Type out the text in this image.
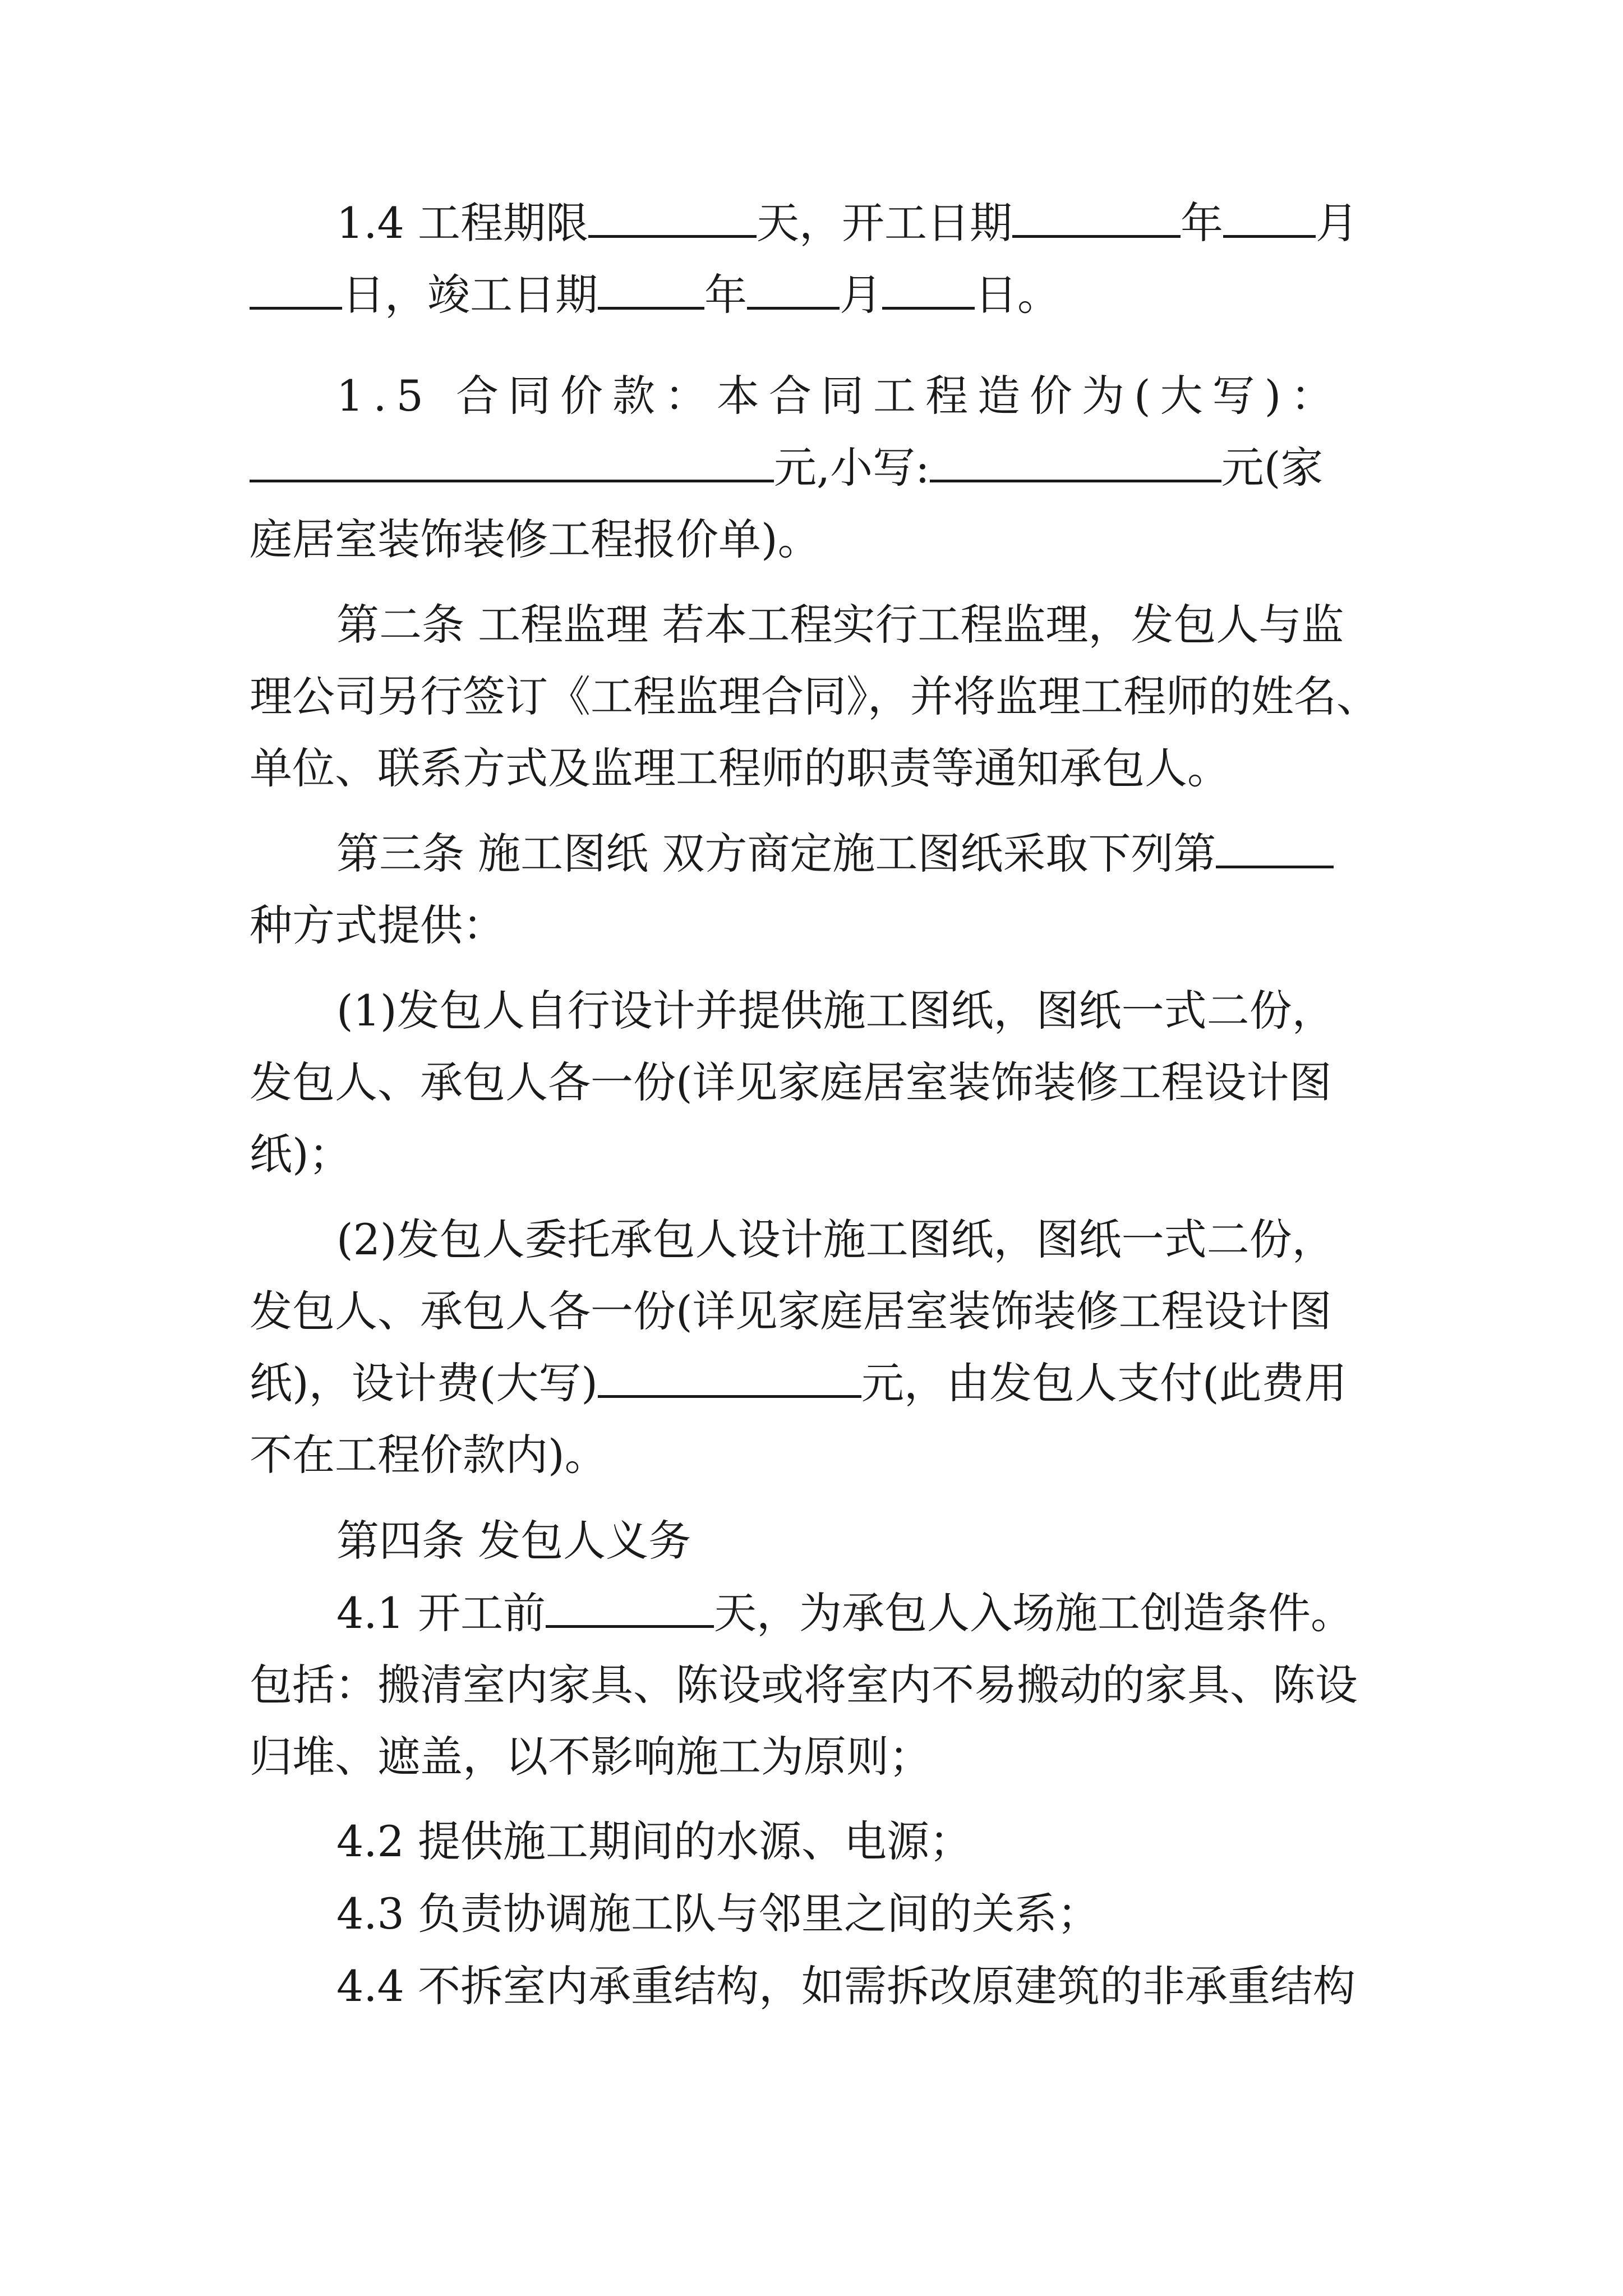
1.4 工程期限	天，开工日期	年 月
日，竣工日期	年 月 日。
1.5 合同价款：本合同工程造价为(大写)：
元,小写:	元(家
庭居室装饰装修工程报价单)。
第二条 工程监理 若本工程实行工程监理，发包人与监
理公司另行签订《工程监理合同》，并将监理工程师的姓名、
单位、联系方式及监理工程师的职责等通知承包人。
第三条 施工图纸 双方商定施工图纸采取下列第
种方式提供：
(1)发包人自行设计并提供施工图纸，图纸一式二份，
发包人、承包人各一份(详见家庭居室装饰装修工程设计图
纸)；
(2)发包人委托承包人设计施工图纸，图纸一式二份，
发包人、承包人各一份(详见家庭居室装饰装修工程设计图
纸)，设计费(大写)	元，由发包人支付(此费用
不在工程价款内)。
第四条 发包人义务
4.1 开工前	天，为承包人入场施工创造条件。
包括：搬清室内家具、陈设或将室内不易搬动的家具、陈设
归堆、遮盖，以不影响施工为原则；
4.2 提供施工期间的水源、电源；
4.3 负责协调施工队与邻里之间的关系；
4.4 不拆室内承重结构，如需拆改原建筑的非承重结构
